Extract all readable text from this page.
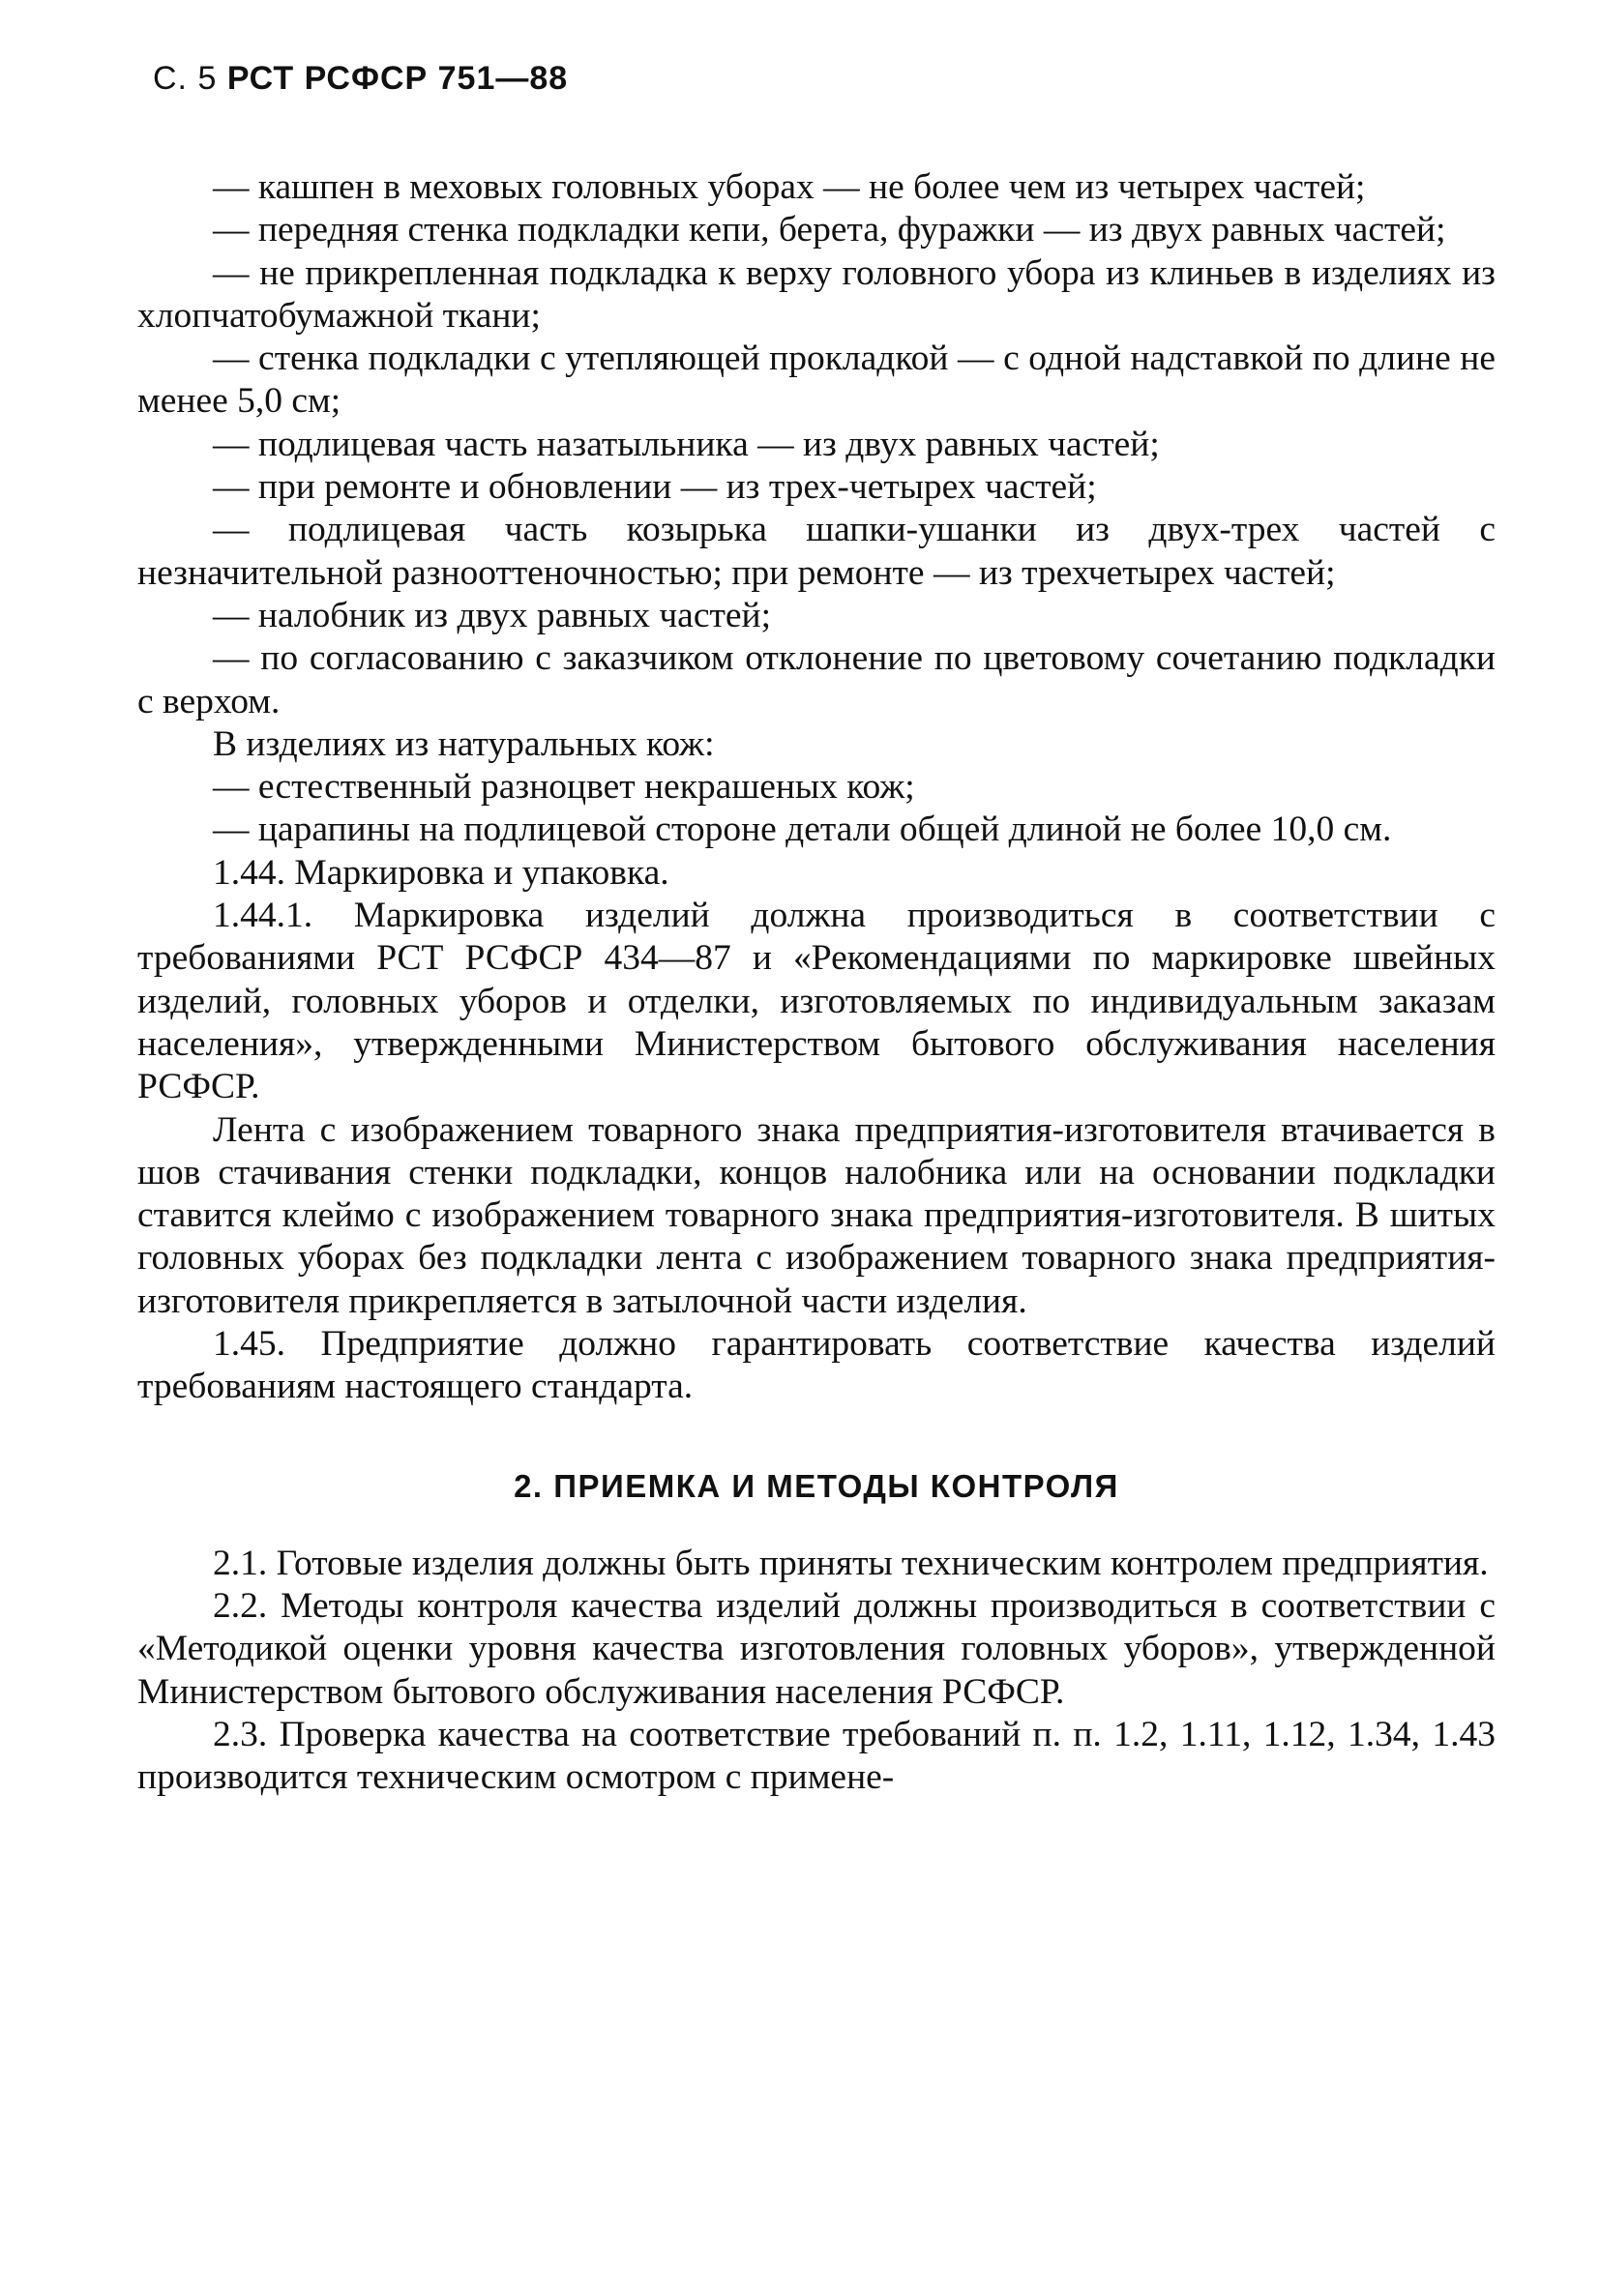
С. 5 РСТ РСФСР 751—88

— кашпен в меховых головных уборах — не более чем из четырех частей;

— передняя стенка подкладки кепи, берета, фуражки — из двух равных частей;

— не прикрепленная подкладка к верху головного убора из клиньев в изделиях из хлопчатобумажной ткани;

— стенка подкладки с утепляющей прокладкой — с одной надставкой по длине не менее 5,0 см;

— подлицевая часть назатыльника — из двух равных частей;

— при ремонте и обновлении — из трех-четырех частей;

— подлицевая часть козырька шапки-ушанки из двух-трех частей с незначительной разнооттеночностью; при ремонте — из трехчетырех частей;

— налобник из двух равных частей;

— по согласованию с заказчиком отклонение по цветовому сочетанию подкладки с верхом.

В изделиях из натуральных кож:

— естественный разноцвет некрашеных кож;

— царапины на подлицевой стороне детали общей длиной не более 10,0 см.

1.44. Маркировка и упаковка.

1.44.1. Маркировка изделий должна производиться в соответствии с требованиями РСТ РСФСР 434—87 и «Рекомендациями по маркировке швейных изделий, головных уборов и отделки, изготовляемых по индивидуальным заказам населения», утвержденными Министерством бытового обслуживания населения РСФСР.

Лента с изображением товарного знака предприятия-изготовителя втачивается в шов стачивания стенки подкладки, концов налобника или на основании подкладки ставится клеймо с изображением товарного знака предприятия-изготовителя. В шитых головных уборах без подкладки лента с изображением товарного знака предприятия-изготовителя прикрепляется в затылочной части изделия.

1.45. Предприятие должно гарантировать соответствие качества изделий требованиям настоящего стандарта.

2. ПРИЕМКА И МЕТОДЫ КОНТРОЛЯ

2.1. Готовые изделия должны быть приняты техническим контролем предприятия.

2.2. Методы контроля качества изделий должны производиться в соответствии с «Методикой оценки уровня качества изготовления головных уборов», утвержденной Министерством бытового обслуживания населения РСФСР.

2.3. Проверка качества на соответствие требований п. п. 1.2, 1.11, 1.12, 1.34, 1.43 производится техническим осмотром с примене-
